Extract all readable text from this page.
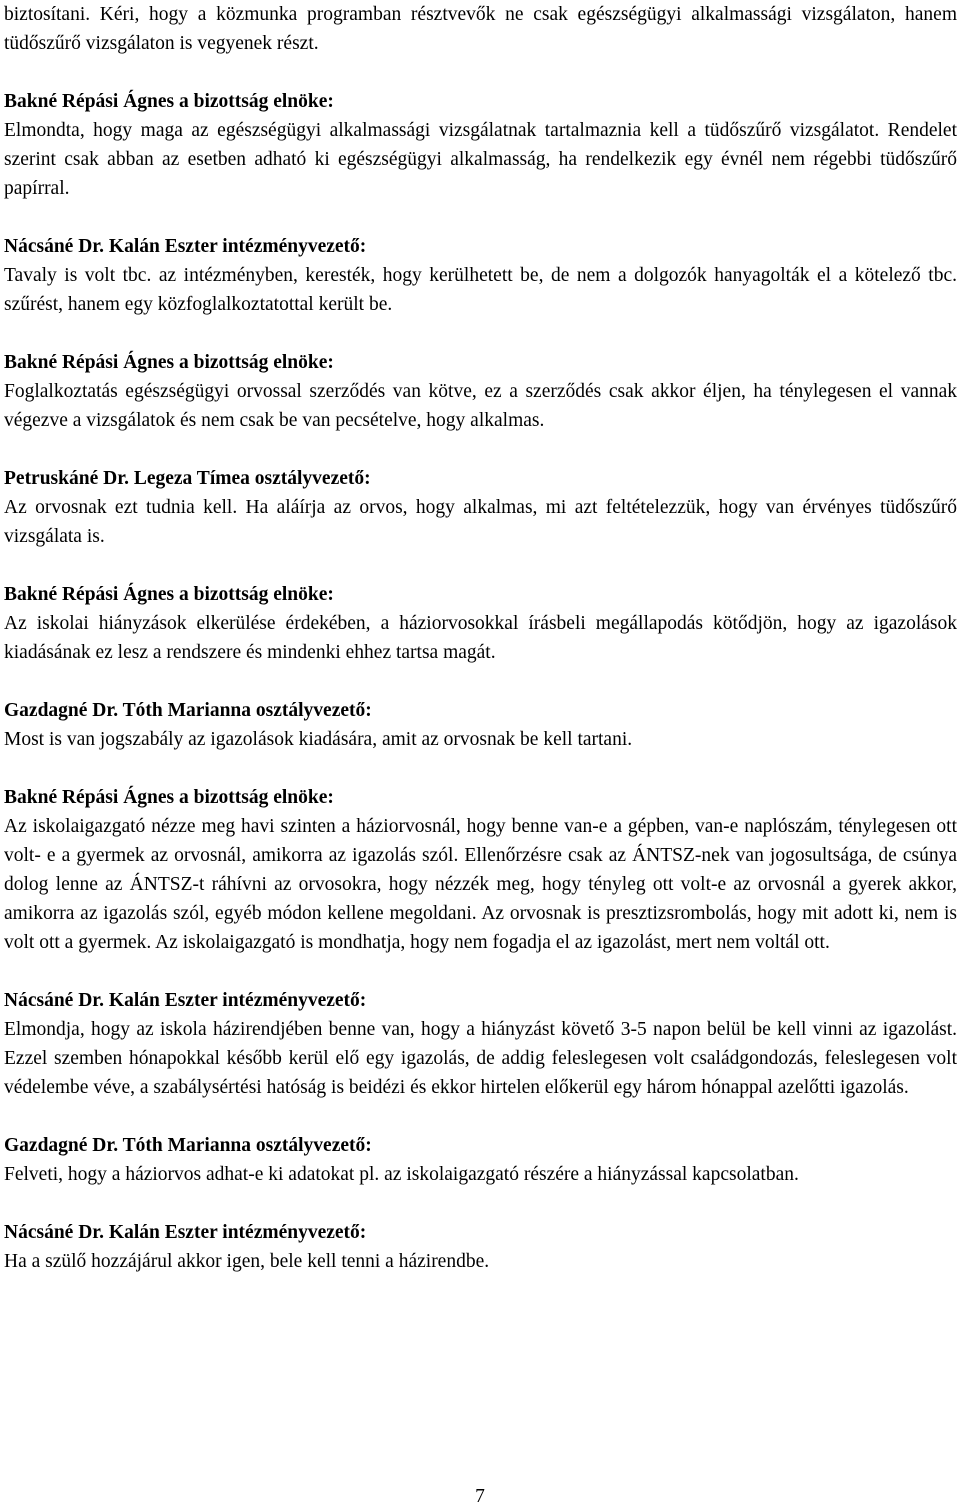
biztosítani. Kéri, hogy a közmunka programban résztvevők ne csak egészségügyi alkalmassági vizsgálaton, hanem tüdőszűrő vizsgálaton is vegyenek részt.

Bakné Répási Ágnes a bizottság elnöke:

Elmondta, hogy maga az egészségügyi alkalmassági vizsgálatnak tartalmaznia kell a tüdőszűrő vizsgálatot. Rendelet szerint csak abban az esetben adható ki egészségügyi alkalmasság, ha rendelkezik egy évnél nem régebbi tüdőszűrő papírral.

Nácsáné Dr. Kalán Eszter intézményvezető:

Tavaly is volt tbc. az intézményben, keresték, hogy kerülhetett be, de nem a dolgozók hanyagolták el a kötelező tbc. szűrést, hanem egy közfoglalkoztatottal került be.

Bakné Répási Ágnes a bizottság elnöke:

Foglalkoztatás egészségügyi orvossal szerződés van kötve, ez a szerződés csak akkor éljen, ha ténylegesen el vannak végezve a vizsgálatok és nem csak be van pecsételve, hogy alkalmas.

Petruskáné Dr. Legeza Tímea osztályvezető:

Az orvosnak ezt tudnia kell. Ha aláírja az orvos, hogy alkalmas, mi azt feltételezzük, hogy van érvényes tüdőszűrő vizsgálata is.

Bakné Répási Ágnes a bizottság elnöke:

Az iskolai hiányzások elkerülése érdekében, a háziorvosokkal írásbeli megállapodás kötődjön, hogy az igazolások kiadásának ez lesz a rendszere és mindenki ehhez tartsa magát.

Gazdagné Dr. Tóth Marianna osztályvezető:

Most is van jogszabály az igazolások kiadására, amit az orvosnak be kell tartani.

Bakné Répási Ágnes a bizottság elnöke:

Az iskolaigazgató nézze meg havi szinten a háziorvosnál, hogy benne van-e a gépben, van-e naplószám, ténylegesen ott volt- e a gyermek az orvosnál, amikorra az igazolás szól. Ellenőrzésre csak az ÁNTSZ-nek van jogosultsága, de csúnya dolog lenne az ÁNTSZ-t ráhívni az orvosokra, hogy nézzék meg, hogy tényleg ott volt-e az orvosnál a gyerek akkor, amikorra az igazolás szól, egyéb módon kellene megoldani. Az orvosnak is presztizsrombolás, hogy mit adott ki, nem is volt ott a gyermek. Az iskolaigazgató is mondhatja, hogy nem fogadja el az igazolást, mert nem voltál ott.

Nácsáné Dr. Kalán Eszter intézményvezető:

Elmondja, hogy az iskola házirendjében benne van, hogy a hiányzást követő 3-5 napon belül be kell vinni az igazolást. Ezzel szemben hónapokkal később kerül elő egy igazolás, de addig feleslegesen volt családgondozás, feleslegesen volt védelembe véve, a szabálysértési hatóság is beidézi és ekkor hirtelen előkerül egy három hónappal azelőtti igazolás.

Gazdagné Dr. Tóth Marianna osztályvezető:

Felveti, hogy a háziorvos adhat-e ki adatokat pl. az iskolaigazgató részére a hiányzással kapcsolatban.

Nácsáné Dr. Kalán Eszter intézményvezető:

Ha a szülő hozzájárul akkor igen, bele kell tenni a házirendbe.

7
